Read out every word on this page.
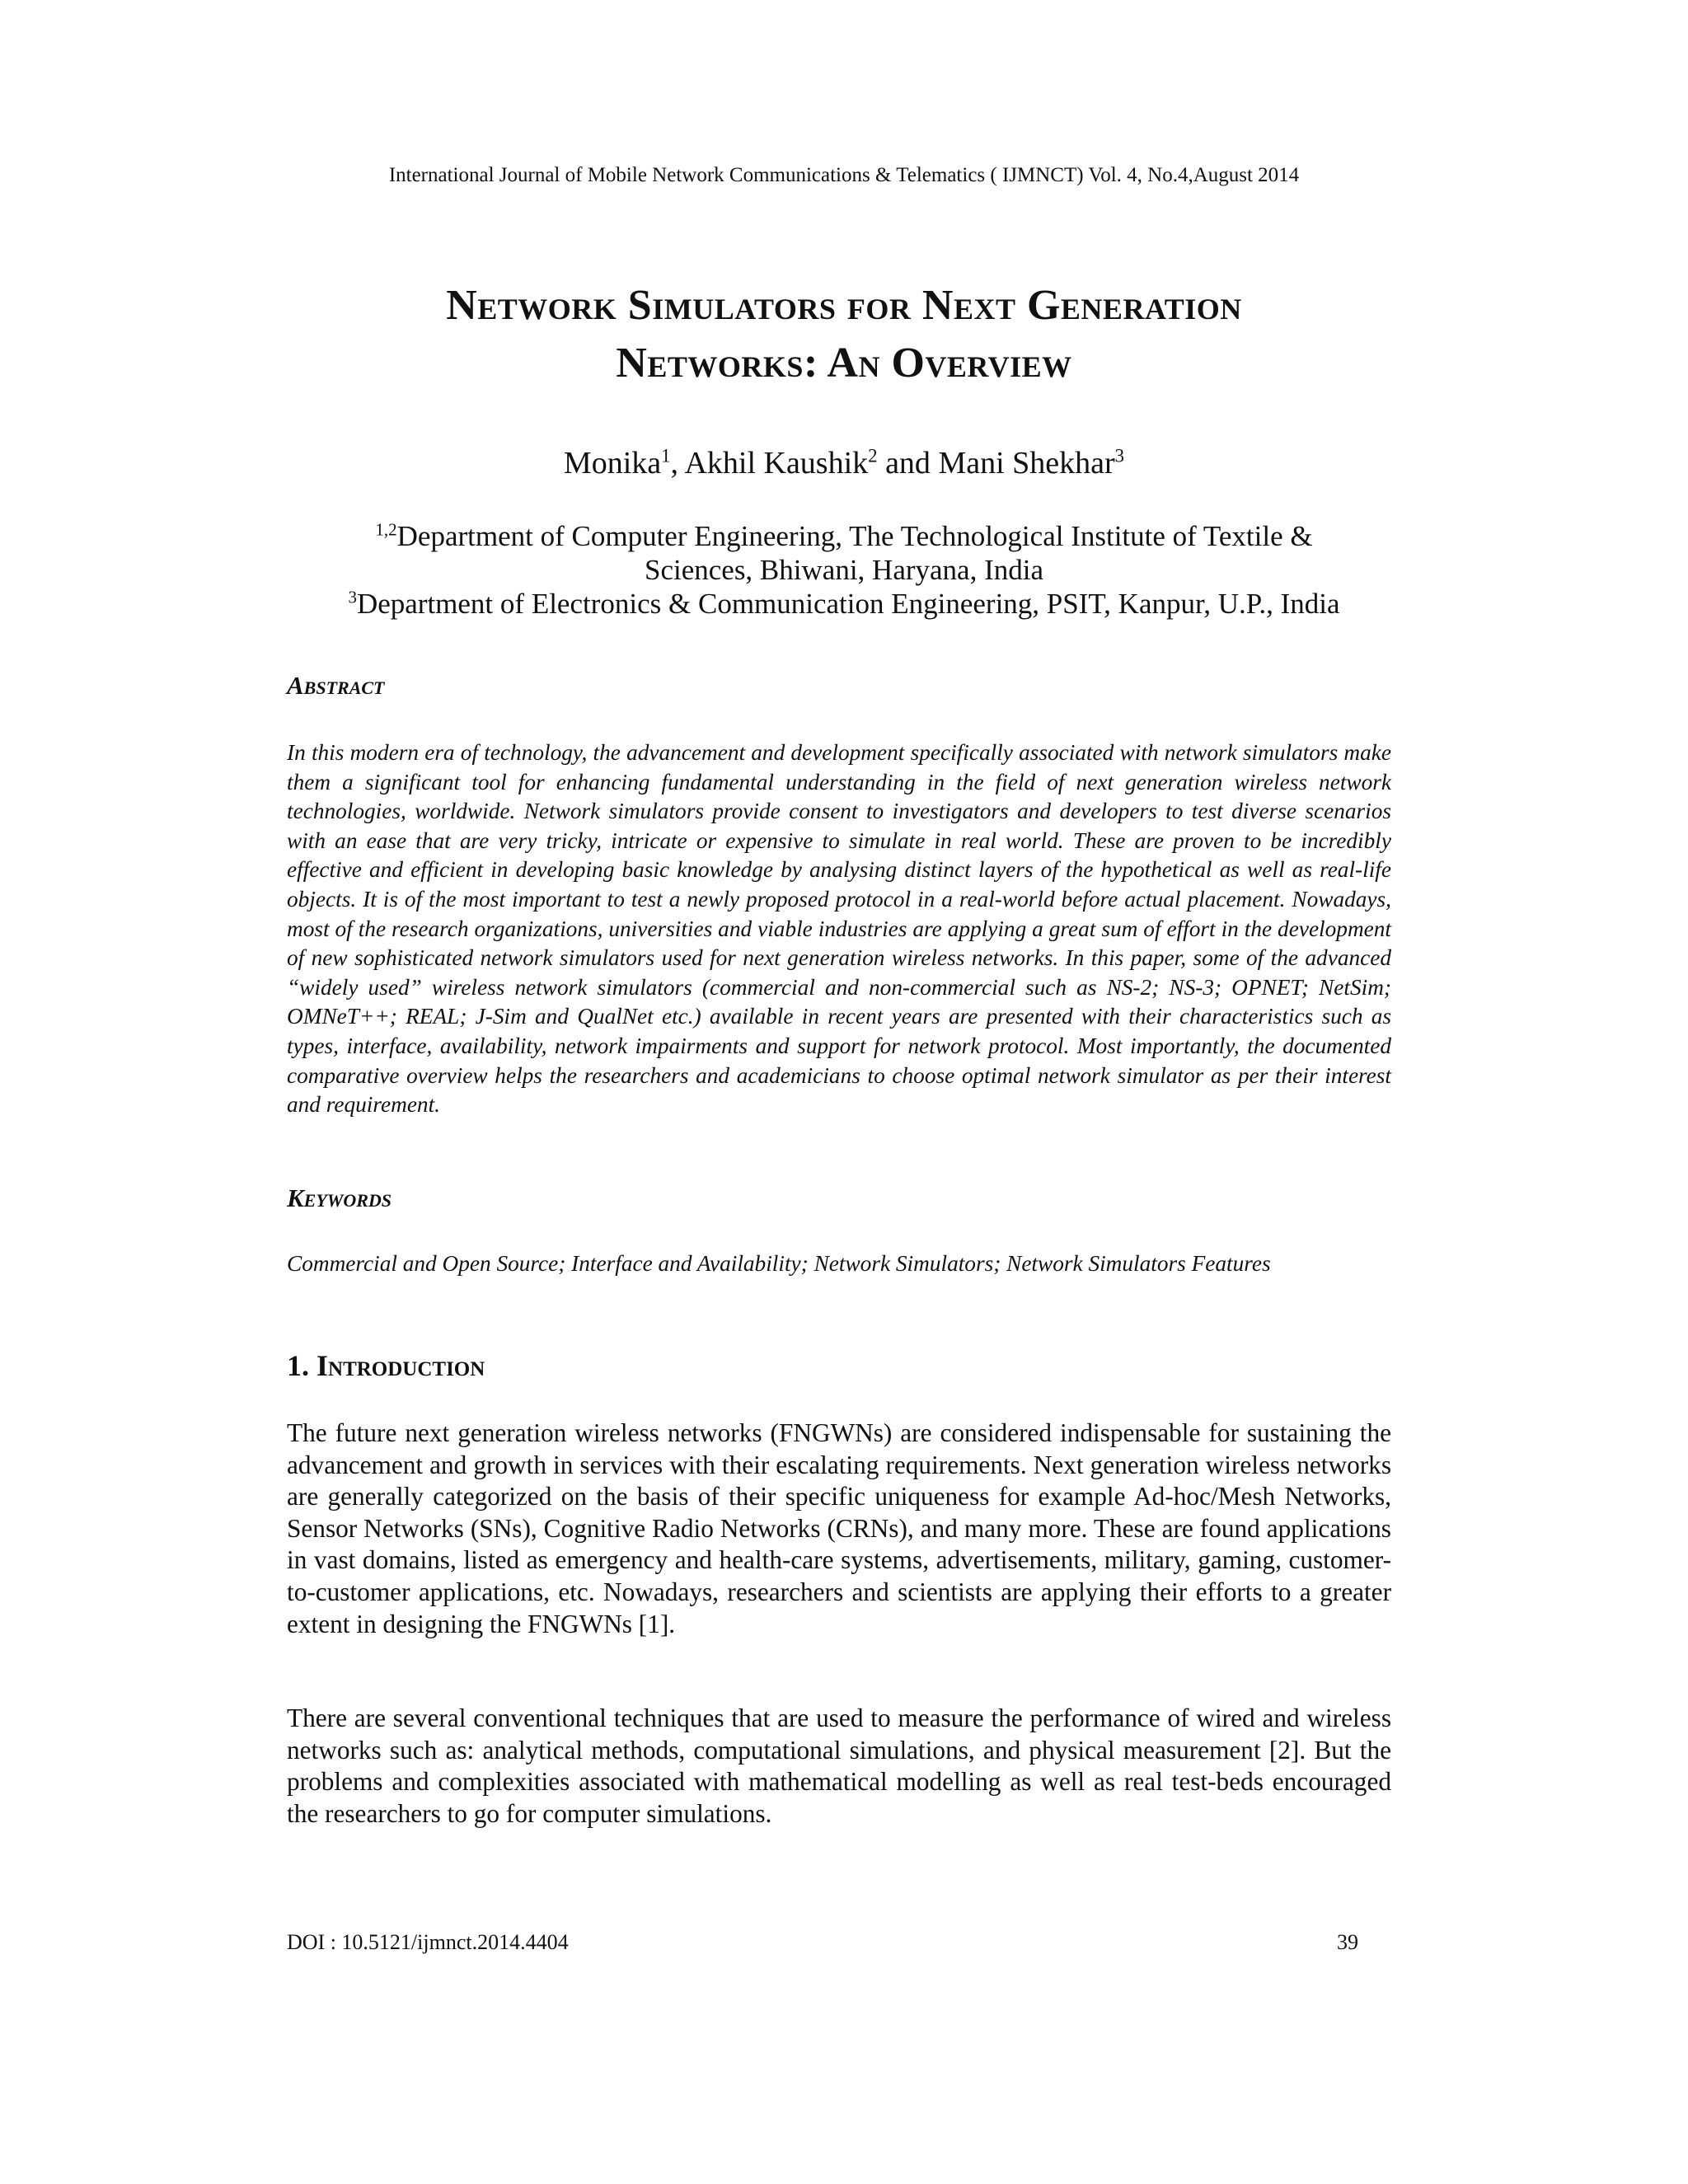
International Journal of Mobile Network Communications & Telematics ( IJMNCT) Vol. 4, No.4,August 2014
Network Simulators for Next Generation
Networks: An Overview
Monika$^1$, Akhil Kaushik$^2$ and Mani Shekhar$^3$
$^{1,2}$Department of Computer Engineering, The Technological Institute of Textile &
Sciences, Bhiwani, Haryana, India
$^3$Department of Electronics & Communication Engineering, PSIT, Kanpur, U.P., India
Abstract
In this modern era of technology, the advancement and development specifically associated with network simulators make them a significant tool for enhancing fundamental understanding in the field of next generation wireless network technologies, worldwide. Network simulators provide consent to investigators and developers to test diverse scenarios with an ease that are very tricky, intricate or expensive to simulate in real world. These are proven to be incredibly effective and efficient in developing basic knowledge by analysing distinct layers of the hypothetical as well as real-life objects. It is of the most important to test a newly proposed protocol in a real-world before actual placement. Nowadays, most of the research organizations, universities and viable industries are applying a great sum of effort in the development of new sophisticated network simulators used for next generation wireless networks. In this paper, some of the advanced “widely used” wireless network simulators (commercial and non-commercial such as NS-2; NS-3; OPNET; NetSim; OMNeT++; REAL; J-Sim and QualNet etc.) available in recent years are presented with their characteristics such as types, interface, availability, network impairments and support for network protocol. Most importantly, the documented comparative overview helps the researchers and academicians to choose optimal network simulator as per their interest and requirement.
Keywords
Commercial and Open Source; Interface and Availability; Network Simulators; Network Simulators Features
1. Introduction
The future next generation wireless networks (FNGWNs) are considered indispensable for sustaining the advancement and growth in services with their escalating requirements. Next generation wireless networks are generally categorized on the basis of their specific uniqueness for example Ad-hoc/Mesh Networks, Sensor Networks (SNs), Cognitive Radio Networks (CRNs), and many more. These are found applications in vast domains, listed as emergency and health-care systems, advertisements, military, gaming, customer-to-customer applications, etc. Nowadays, researchers and scientists are applying their efforts to a greater extent in designing the FNGWNs [1].
There are several conventional techniques that are used to measure the performance of wired and wireless networks such as: analytical methods, computational simulations, and physical measurement [2]. But the problems and complexities associated with mathematical modelling as well as real test-beds encouraged the researchers to go for computer simulations.
DOI : 10.5121/ijmnct.2014.4404	39
